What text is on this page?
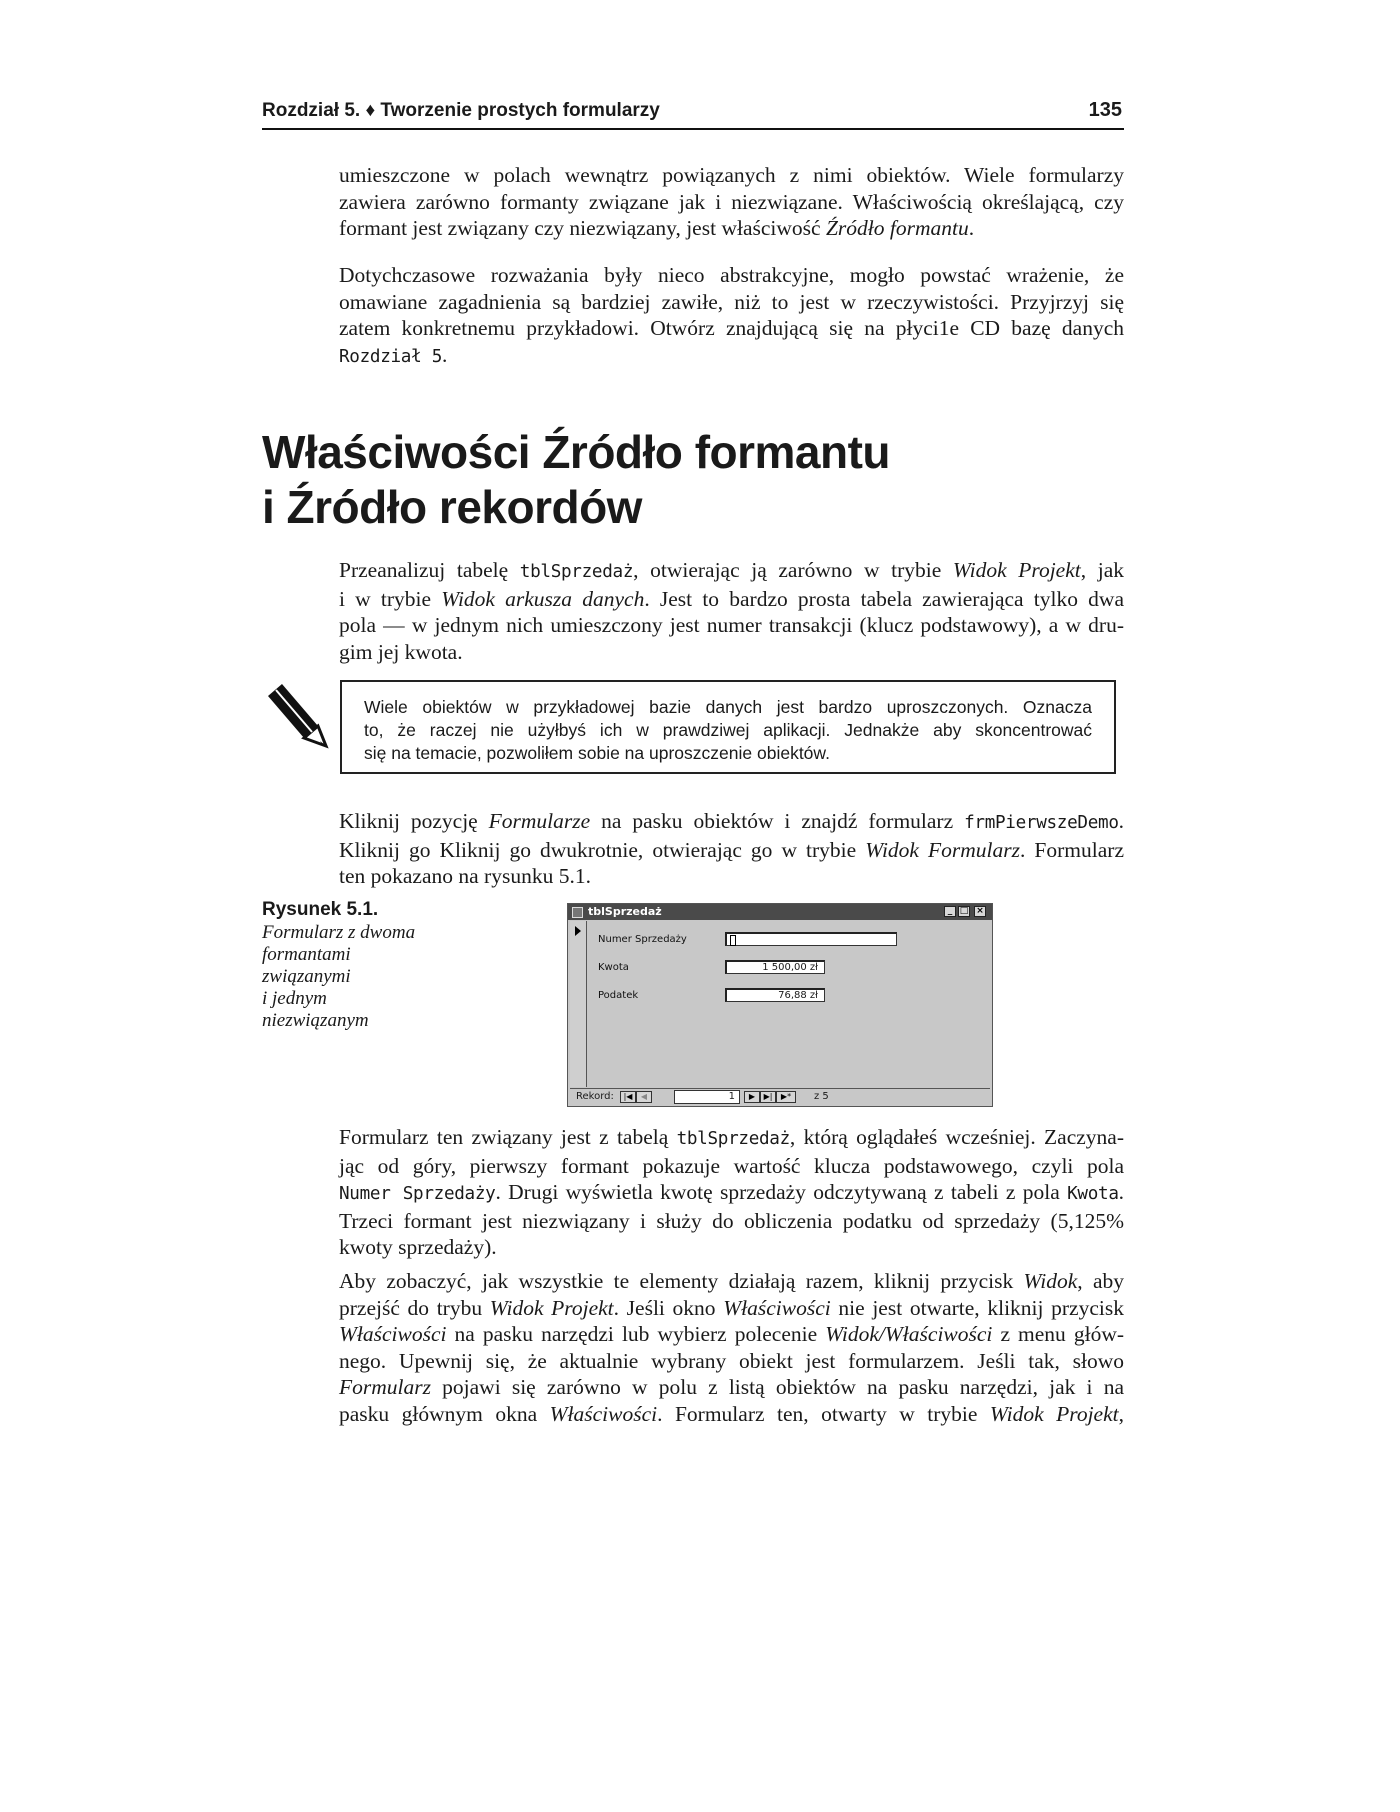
Rozdział 5. ♦ Tworzenie prostych formularzy	135
umieszczone w polach wewnątrz powiązanych z nimi obiektów. Wiele formularzy
zawiera zarówno formanty związane jak i niezwiązane. Właściwością określającą, czy
formant jest związany czy niezwiązany, jest właściwość Źródło formantu.
Dotychczasowe rozważania były nieco abstrakcyjne, mogło powstać wrażenie, że
omawiane zagadnienia są bardziej zawiłe, niż to jest w rzeczywistości. Przyjrzyj się
zatem konkretnemu przykładowi. Otwórz znajdującą się na płyci1e CD bazę danych
Rozdział 5.
Właściwości Źródło formantu
i Źródło rekordów
Przeanalizuj tabelę tblSprzedaż, otwierając ją zarówno w trybie Widok Projekt, jak
i w trybie Widok arkusza danych. Jest to bardzo prosta tabela zawierająca tylko dwa
pola — w jednym nich umieszczony jest numer transakcji (klucz podstawowy), a w dru-
gim jej kwota.
Wiele obiektów w przykładowej bazie danych jest bardzo uproszczonych. Oznacza
to, że raczej nie użyłbyś ich w prawdziwej aplikacji. Jednakże aby skoncentrować
się na temacie, pozwoliłem sobie na uproszczenie obiektów.
Kliknij pozycję Formularze na pasku obiektów i znajdź formularz frmPierwszeDemo.
Kliknij go Kliknij go dwukrotnie, otwierając go w trybie Widok Formularz. Formularz
ten pokazano na rysunku 5.1.
Rysunek 5.1.
Formularz z dwoma
formantami
związanymi
i jednym
niezwiązanym
tblSprzedaż	_ □ ×
Numer Sprzedaży
Kwota	1 500,00 zł
Podatek	76,88 zł
Rekord:	|◀	◀	1	▶	▶|	▶*	z 5
Formularz ten związany jest z tabelą tblSprzedaż, którą oglądałeś wcześniej. Zaczyna-
jąc od góry, pierwszy formant pokazuje wartość klucza podstawowego, czyli pola
Numer Sprzedaży. Drugi wyświetla kwotę sprzedaży odczytywaną z tabeli z pola Kwota.
Trzeci formant jest niezwiązany i służy do obliczenia podatku od sprzedaży (5,125%
kwoty sprzedaży).
Aby zobaczyć, jak wszystkie te elementy działają razem, kliknij przycisk Widok, aby
przejść do trybu Widok Projekt. Jeśli okno Właściwości nie jest otwarte, kliknij przycisk
Właściwości na pasku narzędzi lub wybierz polecenie Widok/Właściwości z menu głów-
nego. Upewnij się, że aktualnie wybrany obiekt jest formularzem. Jeśli tak, słowo
Formularz pojawi się zarówno w polu z listą obiektów na pasku narzędzi, jak i na
pasku głównym okna Właściwości. Formularz ten, otwarty w trybie Widok Projekt,
